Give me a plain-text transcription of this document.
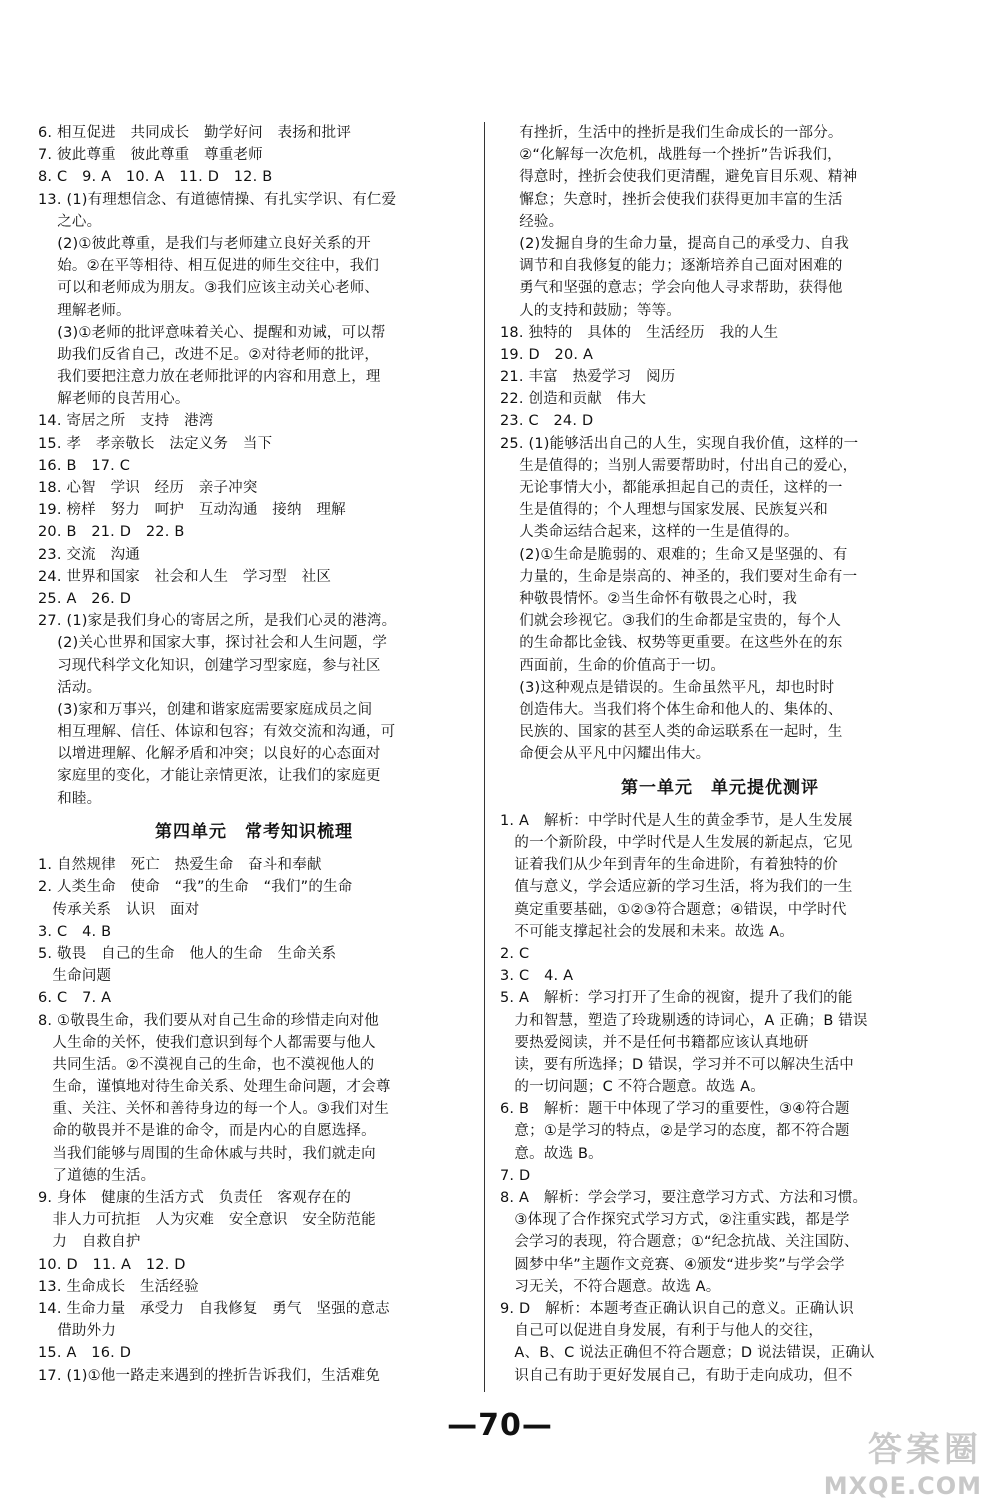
6. 相互促进　共同成长　勤学好问　表扬和批评
7. 彼此尊重　彼此尊重　尊重老师
8. C　9. A　10. A　11. D　12. B
13. (1)有理想信念、有道德情操、有扎实学识、有仁爱
之心。
(2)①彼此尊重，是我们与老师建立良好关系的开
始。②在平等相待、相互促进的师生交往中，我们
可以和老师成为朋友。③我们应该主动关心老师、
理解老师。
(3)①老师的批评意味着关心、提醒和劝诫，可以帮
助我们反省自己，改进不足。②对待老师的批评，
我们要把注意力放在老师批评的内容和用意上，理
解老师的良苦用心。
14. 寄居之所　支持　港湾
15. 孝　孝亲敬长　法定义务　当下
16. B　17. C
18. 心智　学识　经历　亲子冲突
19. 榜样　努力　呵护　互动沟通　接纳　理解
20. B　21. D　22. B
23. 交流　沟通
24. 世界和国家　社会和人生　学习型　社区
25. A　26. D
27. (1)家是我们身心的寄居之所，是我们心灵的港湾。
(2)关心世界和国家大事，探讨社会和人生问题，学
习现代科学文化知识，创建学习型家庭，参与社区
活动。
(3)家和万事兴，创建和谐家庭需要家庭成员之间
相互理解、信任、体谅和包容；有效交流和沟通，可
以增进理解、化解矛盾和冲突；以良好的心态面对
家庭里的变化，才能让亲情更浓，让我们的家庭更
和睦。
第四单元　常考知识梳理
1. 自然规律　死亡　热爱生命　奋斗和奉献
2. 人类生命　使命　“我”的生命　“我们”的生命
传承关系　认识　面对
3. C　4. B
5. 敬畏　自己的生命　他人的生命　生命关系
生命问题
6. C　7. A
8. ①敬畏生命，我们要从对自己生命的珍惜走向对他
人生命的关怀，使我们意识到每个人都需要与他人
共同生活。②不漠视自己的生命，也不漠视他人的
生命，谨慎地对待生命关系、处理生命问题，才会尊
重、关注、关怀和善待身边的每一个人。③我们对生
命的敬畏并不是谁的命令，而是内心的自愿选择。
当我们能够与周围的生命休戚与共时，我们就走向
了道德的生活。
9. 身体　健康的生活方式　负责任　客观存在的
非人力可抗拒　人为灾难　安全意识　安全防范能
力　自救自护
10. D　11. A　12. D
13. 生命成长　生活经验
14. 生命力量　承受力　自我修复　勇气　坚强的意志
借助外力
15. A　16. D
17. (1)①他一路走来遇到的挫折告诉我们，生活难免
有挫折，生活中的挫折是我们生命成长的一部分。
②“化解每一次危机，战胜每一个挫折”告诉我们，
得意时，挫折会使我们更清醒，避免盲目乐观、精神
懈怠；失意时，挫折会使我们获得更加丰富的生活
经验。
(2)发掘自身的生命力量，提高自己的承受力、自我
调节和自我修复的能力；逐渐培养自己面对困难的
勇气和坚强的意志；学会向他人寻求帮助，获得他
人的支持和鼓励；等等。
18. 独特的　具体的　生活经历　我的人生
19. D　20. A
21. 丰富　热爱学习　阅历
22. 创造和贡献　伟大
23. C　24. D
25. (1)能够活出自己的人生，实现自我价值，这样的一
生是值得的；当别人需要帮助时，付出自己的爱心，
无论事情大小，都能承担起自己的责任，这样的一
生是值得的；个人理想与国家发展、民族复兴和
人类命运结合起来，这样的一生是值得的。
(2)①生命是脆弱的、艰难的；生命又是坚强的、有
力量的，生命是崇高的、神圣的，我们要对生命有一
种敬畏情怀。②当生命怀有敬畏之心时，我
们就会珍视它。③我们的生命都是宝贵的，每个人
的生命都比金钱、权势等更重要。在这些外在的东
西面前，生命的价值高于一切。
(3)这种观点是错误的。生命虽然平凡，却也时时
创造伟大。当我们将个体生命和他人的、集体的、
民族的、国家的甚至人类的命运联系在一起时，生
命便会从平凡中闪耀出伟大。
第一单元　单元提优测评
1. A　解析：中学时代是人生的黄金季节，是人生发展
的一个新阶段，中学时代是人生发展的新起点，它见
证着我们从少年到青年的生命进阶，有着独特的价
值与意义，学会适应新的学习生活，将为我们的一生
奠定重要基础，①②③符合题意；④错误，中学时代
不可能支撑起社会的发展和未来。故选 A。
2. C
3. C　4. A
5. A　解析：学习打开了生命的视窗，提升了我们的能
力和智慧，塑造了玲珑剔透的诗词心，A 正确；B 错误
要热爱阅读，并不是任何书籍都应该认真地研
读，要有所选择；D 错误，学习并不可以解决生活中
的一切问题；C 不符合题意。故选 A。
6. B　解析：题干中体现了学习的重要性，③④符合题
意；①是学习的特点，②是学习的态度，都不符合题
意。故选 B。
7. D
8. A　解析：学会学习，要注意学习方式、方法和习惯。
③体现了合作探究式学习方式，②注重实践，都是学
会学习的表现，符合题意；①“纪念抗战、关注国防、
圆梦中华”主题作文竞赛、④颁发“进步奖”与学会学
习无关，不符合题意。故选 A。
9. D　解析：本题考查正确认识自己的意义。正确认识
自己可以促进自身发展，有利于与他人的交往，
A、B、C 说法正确但不符合题意；D 说法错误，正确认
识自己有助于更好发展自己，有助于走向成功，但不
—70—
答案圈
MXQE.COM
